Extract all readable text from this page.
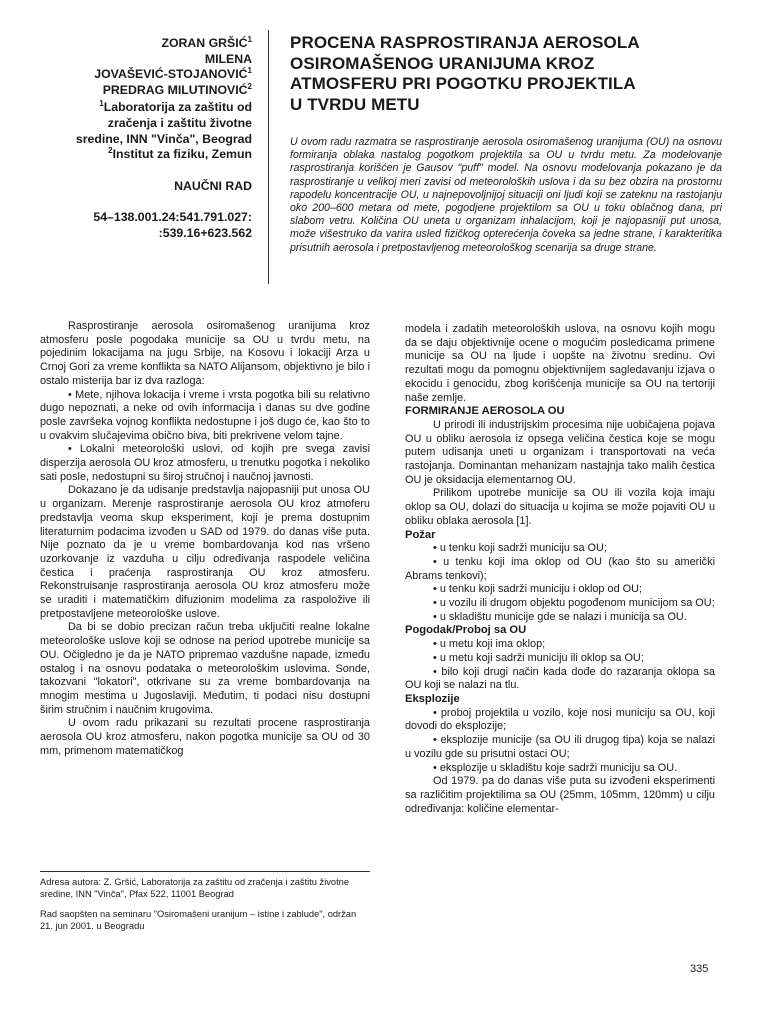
ZORAN GRŠIĆ$^1$
MILENA
JOVAŠEVIĆ-STOJANOVIĆ$^1$
PREDRAG MILUTINOVIĆ$^2$
$^1$Laboratorija za zaštitu od
zračenja i zaštitu životne
sredine, INN "Vinča", Beograd
$^2$Institut za fiziku, Zemun
NAUČNI RAD
54–138.001.24:541.791.027:
:539.16+623.562
PROCENA RASPROSTIRANJA AEROSOLA
OSIROMAŠENOG URANIJUMA KROZ
ATMOSFERU PRI POGOTKU PROJEKTILA
U TVRDU METU
U ovom radu razmatra se rasprostiranje aerosola osiromašenog uranijuma (OU) na osnovu formiranja oblaka nastalog pogotkom projektila sa OU u tvrdu metu. Za modelovanje rasprostiranja korišćen je Gausov "puff" model. Na osnovu modelovanja pokazano je da rasprostiranje u velikoj meri zavisi od meteoroloških uslova i da su bez obzira na prostornu rapodelu koncentracije OU, u najnepovoljnijoj situaciji oni ljudi koji se zateknu na rastojanju oko 200–600 metara od mete, pogodjene projektilom sa OU u toku oblačnog dana, pri slabom vetru. Količina OU uneta u organizam inhalacijom, koji je najopasniji put unosa, može višestruko da varira usled fizičkog opterećenja čoveka sa jedne strane, i karakteritika prisutnih aerosola i pretpostavljenog meteorološkog scenarija sa druge strane.

Rasprostiranje aerosola osiromašenog uranijuma kroz atmosferu posle pogodaka municije sa OU u tvrdu metu, na pojedinim lokacijama na jugu Srbije, na Kosovu i lokaciji Arza u Crnoj Gori za vreme konflikta sa NATO Alijansom, objektivno je bilo i ostalo misterija bar iz dva razloga:

• Mete, njihova lokacija i vreme i vrsta pogotka bili su relativno dugo nepoznati, a neke od ovih informacija i danas su dve godine posle završeka vojnog konflikta nedostupne i još dugo će, kao što to u ovakvim slučajevima obično biva, biti prekrivene velom tajne.

• Lokalni meteorološki uslovi, od kojih pre svega zavisi disperzija aerosola OU kroz atmosferu, u trenutku pogotka i nekoliko sati posle, nedostupni su široj stručnoj i naučnoj javnosti.

Dokazano je da udisanje predstavlja najopasniji put unosa OU u organizam. Merenje rasprostiranje aerosola OU kroz atmoferu predstavlja veoma skup eksperiment, koji je prema dostupnim literaturnim podacima izvođen u SAD od 1979. do danas više puta. Nije poznato da je u vreme bombardovanja kod nas vršeno uzorkovanje iz vazduha u cilju određivanja raspodele veličina čestica i praćenja rasprostiranja OU kroz atmosferu. Rekonstruisanje rasprostiranja aerosola OU kroz atmosferu može se uraditi i matematičkim difuzionim modelima za raspoložive ili pretpostavljene meteorološke uslove.

Da bi se dobio precizan račun treba uključiti realne lokalne meteorološke uslove koji se odnose na period upotrebe municije sa OU. Očigledno je da je NATO pripremao vazdušne napade, između ostalog i na osnovu podataka o meteorološkim uslovima. Sonde, takozvani "lokatori", otkrivane su za vreme bombardovanja na mnogim mestima u Jugoslaviji. Međutim, ti podaci nisu dostupni širim stručnim i naučnim krugovima.

U ovom radu prikazani su rezultati procene rasprostiranja aerosola OU kroz atmosferu, nakon pogotka municije sa OU od 30 mm, primenom matematičkog

Adresa autora: Z. Gršić, Laboratorija za zaštitu od zračenja i zaštitu životne sredine, INN "Vinča", Pfax 522, 11001 Beograd

Rad saopšten na seminaru "Osiromašeni uranijum – istine i zablude", održan 21. jun 2001. u Beogradu

modela i zadatih meteoroloških uslova, na osnovu kojih mogu da se daju objektivnije ocene o mogućim posledicama primene municije sa OU na ljude i uopšte na životnu sredinu. Ovi rezultati mogu da pomognu objektivnijem sagledavanju izjava o ekocidu i genocidu, zbog korišćenja municije sa OU na tertoriji naše zemlje.

FORMIRANJE AEROSOLA OU

U prirodi ili industrijskim procesima nije uobičajena pojava OU u obliku aerosola iz opsega veličina čestica koje se mogu putem udisanja uneti u organizam i transportovati na veća rastojanja. Dominantan mehanizam nastajnja tako malih čestica OU je oksidacija elementarnog OU.

Prilikom upotrebe municije sa OU ili vozila koja imaju oklop sa OU, dolazi do situacija u kojima se može pojaviti OU u obliku oblaka aerosola [1].

Požar

• u tenku koji sadrži municiju sa OU;
• u tenku koji ima oklop od OU (kao što su američki Abrams tenkovi);
• u tenku koji sadrži municiju i oklop od OU;
• u vozilu ili drugom objektu pogođenom municijom sa OU;
• u skladištu municije gde se nalazi i municija sa OU.

Pogodak/Proboj sa OU

• u metu koji ima oklop;
• u metu koji sadrži municiju ili oklop sa OU;
• bilo koji drugi način kada dođe do razaranja oklopa sa OU koji se nalazi na tlu.

Eksplozije

• proboj projektila u vozilo, koje nosi municiju sa OU, koji dovodi do eksplozije;
• eksplozije municije (sa OU ili drugog tipa) koja se nalazi u vozilu gde su prisutni ostaci OU;
• eksplozije u skladištu koje sadrži municiju sa OU.

Od 1979. pa do danas više puta su izvođeni eksperimenti sa različitim projektilima sa OU (25mm, 105mm, 120mm) u cilju određivanja: količine elementar-

335
